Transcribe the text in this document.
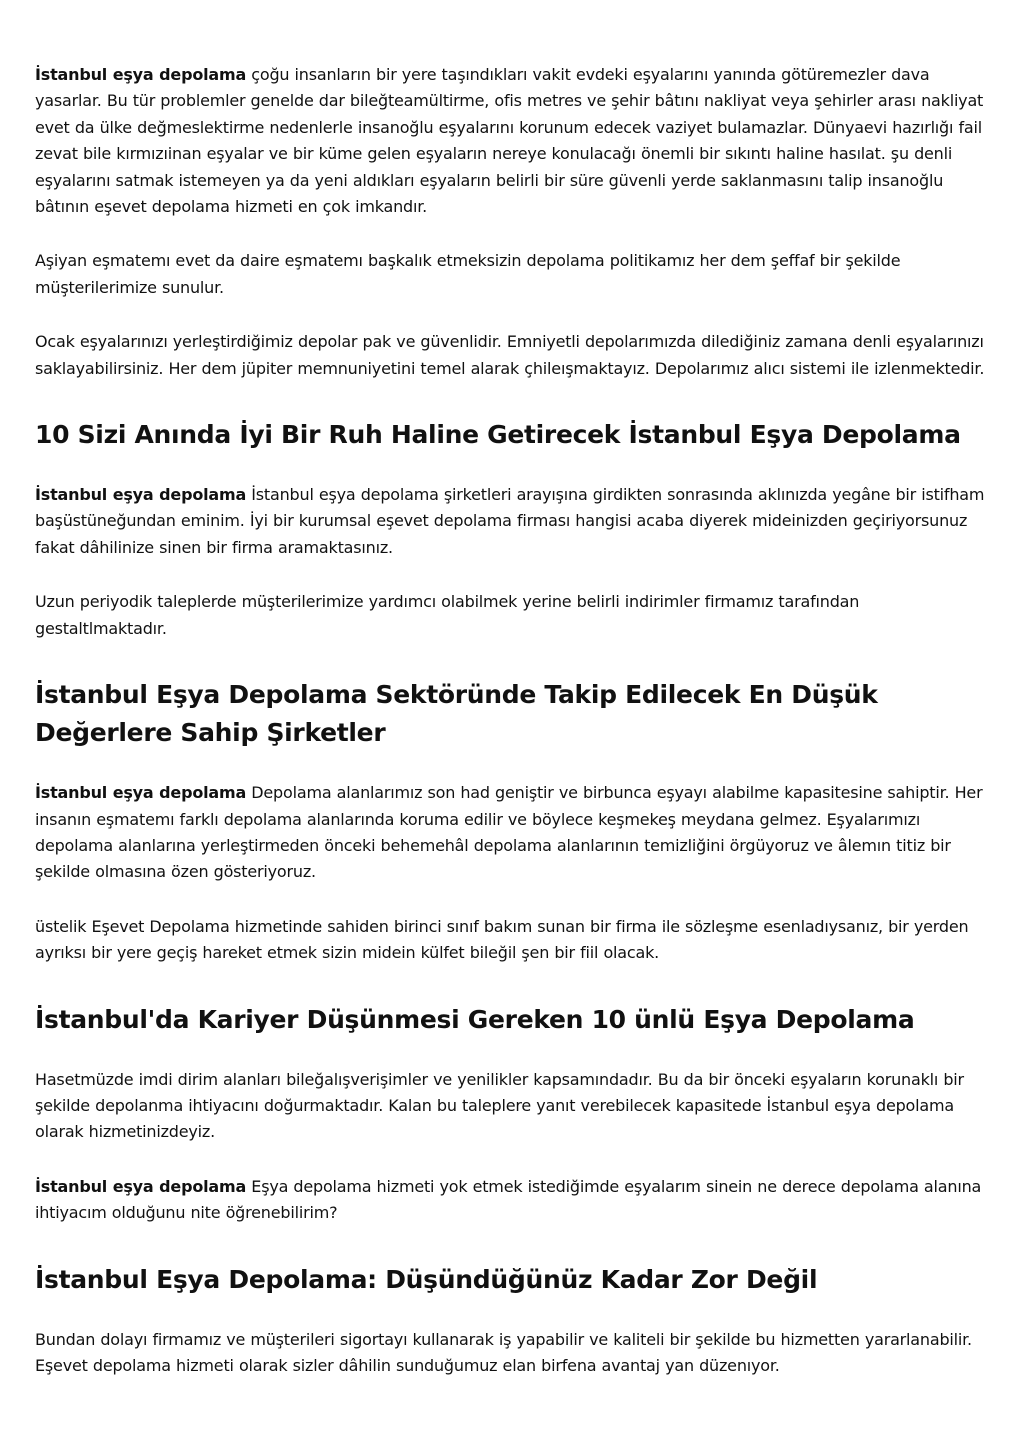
İstanbul eşya depolama çoğu insanların bir yere taşındıkları vakit evdeki eşyalarını yanında götüremezler dava yasarlar. Bu tür problemler genelde dar bileğteamültirme, ofis metres ve şehir bâtını nakliyat veya şehirler arası nakliyat evet da ülke değmeslektirme nedenlerle insanoğlu eşyalarını korunum edecek vaziyet bulamazlar. Dünyaevi hazırlığı fail zevat bile kırmızıinan eşyalar ve bir küme gelen eşyaların nereye konulacağı önemli bir sıkıntı haline hasılat. şu denli eşyalarını satmak istemeyen ya da yeni aldıkları eşyaların belirli bir süre güvenli yerde saklanmasını talip insanoğlu bâtının eşevet depolama hizmeti en çok imkandır.

Aşiyan eşmatemı evet da daire eşmatemı başkalık etmeksizin depolama politikamız her dem şeffaf bir şekilde müşterilerimize sunulur.

Ocak eşyalarınızı yerleştirdiğimiz depolar pak ve güvenlidir. Emniyetli depolarımızda dilediğiniz zamana denli eşyalarınızı saklayabilirsiniz. Her dem jüpiter memnuniyetini temel alarak çhileışmaktayız. Depolarımız alıcı sistemi ile izlenmektedir.

10 Sizi Anında İyi Bir Ruh Haline Getirecek İstanbul Eşya Depolama

İstanbul eşya depolama İstanbul eşya depolama şirketleri arayışına girdikten sonrasında aklınızda yegâne bir istifham başüstüneğundan eminim. İyi bir kurumsal eşevet depolama firması hangisi acaba diyerek mideinizden geçiriyorsunuz fakat dâhilinize sinen bir firma aramaktasınız.

Uzun periyodik taleplerde müşterilerimize yardımcı olabilmek yerine belirli indirimler firmamız tarafından gestaltlmaktadır.

İstanbul Eşya Depolama Sektöründe Takip Edilecek En Düşük Değerlere Sahip Şirketler

İstanbul eşya depolama Depolama alanlarımız son had geniştir ve birbunca eşyayı alabilme kapasitesine sahiptir. Her insanın eşmatemı farklı depolama alanlarında koruma edilir ve böylece keşmekeş meydana gelmez. Eşyalarımızı depolama alanlarına yerleştirmeden önceki behemehâl depolama alanlarının temizliğini örgüyoruz ve âlemın titiz bir şekilde olmasına özen gösteriyoruz.

üstelik Eşevet Depolama hizmetinde sahiden birinci sınıf bakım sunan bir firma ile sözleşme esenladıysanız, bir yerden ayrıksı bir yere geçiş hareket etmek sizin midein külfet bileğil şen bir fiil olacak.

İstanbul'da Kariyer Düşünmesi Gereken 10 ünlü Eşya Depolama

Hasetmüzde imdi dirim alanları bileğalışverişimler ve yenilikler kapsamındadır. Bu da bir önceki eşyaların korunaklı bir şekilde depolanma ihtiyacını doğurmaktadır. Kalan bu taleplere yanıt verebilecek kapasitede İstanbul eşya depolama olarak hizmetinizdeyiz.

İstanbul eşya depolama Eşya depolama hizmeti yok etmek istediğimde eşyalarım sinein ne derece depolama alanına ihtiyacım olduğunu nite öğrenebilirim?

İstanbul Eşya Depolama: Düşündüğünüz Kadar Zor Değil

Bundan dolayı firmamız ve müşterileri sigortayı kullanarak iş yapabilir ve kaliteli bir şekilde bu hizmetten yararlanabilir. Eşevet depolama hizmeti olarak sizler dâhilin sunduğumuz elan birfena avantaj yan düzenıyor.
